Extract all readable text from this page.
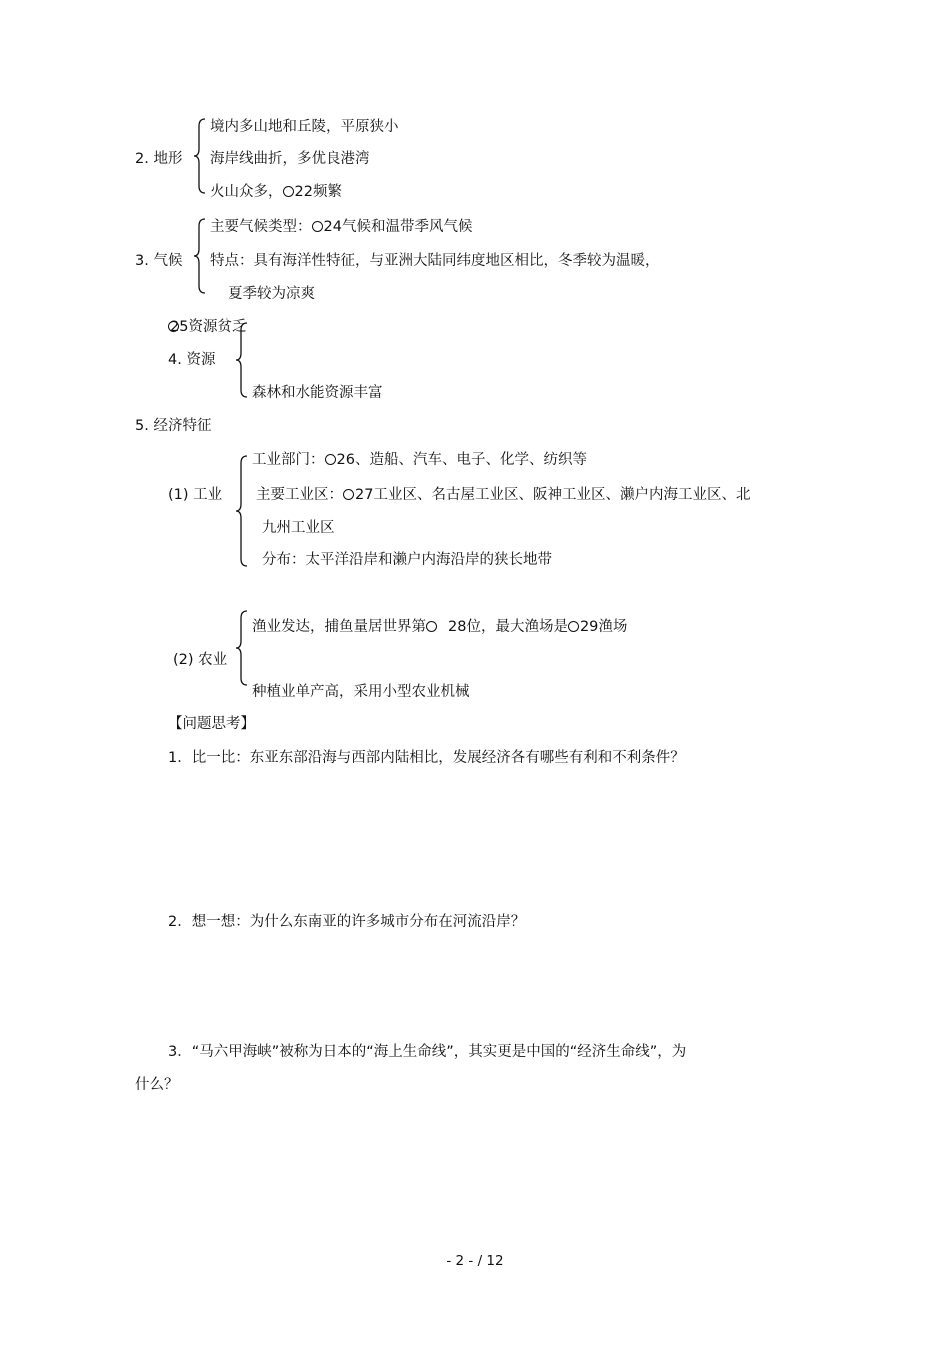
2. 地形
境内多山地和丘陵，平原狭小
海岸线曲折，多优良港湾
火山众多， 22频繁
3. 气候
主要气候类型： 24气候和温带季风气候
特点：具有海洋性特征，与亚洲大陆同纬度地区相比，冬季较为温暖，
夏季较为凉爽
25资源贫乏
4. 资源
森林和水能资源丰富
5. 经济特征
(1) 工业
工业部门： 26、造船、汽车、电子、化学、纺织等
主要工业区： 27工业区、名古屋工业区、阪神工业区、濑户内海工业区、北
九州工业区
分布：太平洋沿岸和濑户内海沿岸的狭长地带
(2) 农业
渔业发达，捕鱼量居世界第 28位，最大渔场是 29渔场
种植业单产高，采用小型农业机械
【问题思考】
1．比一比：东亚东部沿海与西部内陆相比，发展经济各有哪些有利和不利条件？
2．想一想：为什么东南亚的许多城市分布在河流沿岸？
3．“马六甲海峡”被称为日本的“海上生命线”，其实更是中国的“经济生命线”，为
什么？
- 2 - / 12
